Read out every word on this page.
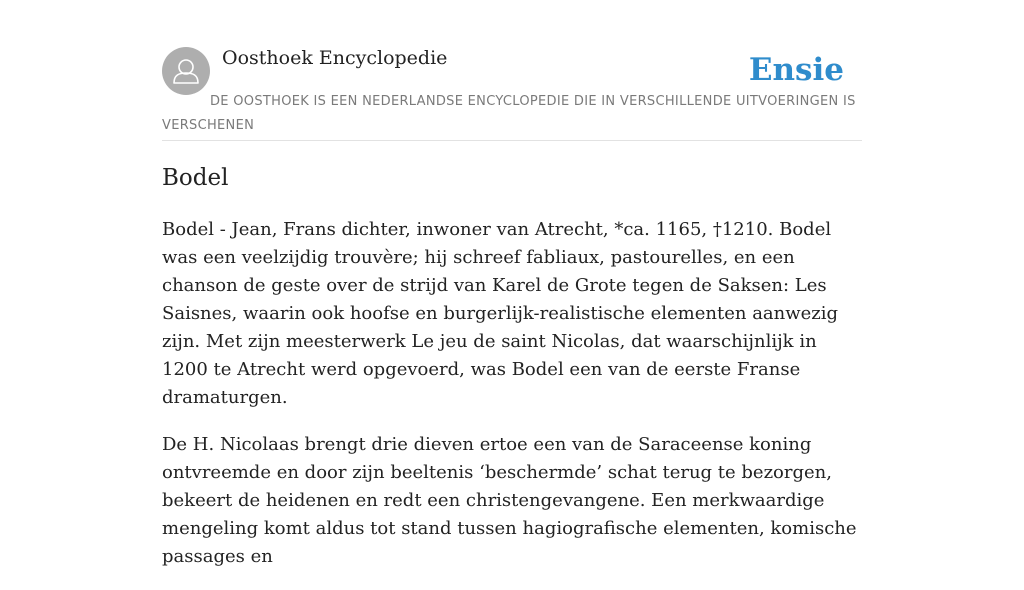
Oosthoek Encyclopedie	Ensie
DE OOSTHOEK IS EEN NEDERLANDSE ENCYCLOPEDIE DIE IN VERSCHILLENDE UITVOERINGEN IS VERSCHENEN
Bodel

Bodel - Jean, Frans dichter, inwoner van Atrecht, *ca. 1165, †1210. Bodel was een veelzijdig trouvère; hij schreef fabliaux, pastourelles, en een chanson de geste over de strijd van Karel de Grote tegen de Saksen: Les Saisnes, waarin ook hoofse en burgerlijk-realistische elementen aanwezig zijn. Met zijn meesterwerk Le jeu de saint Nicolas, dat waarschijnlijk in 1200 te Atrecht werd opgevoerd, was Bodel een van de eerste Franse dramaturgen.

De H. Nicolaas brengt drie dieven ertoe een van de Saraceense koning ontvreemde en door zijn beeltenis ‘beschermde’ schat terug te bezorgen, bekeert de heidenen en redt een christengevangene. Een merkwaardige mengeling komt aldus tot stand tussen hagiografische elementen, komische passages en
